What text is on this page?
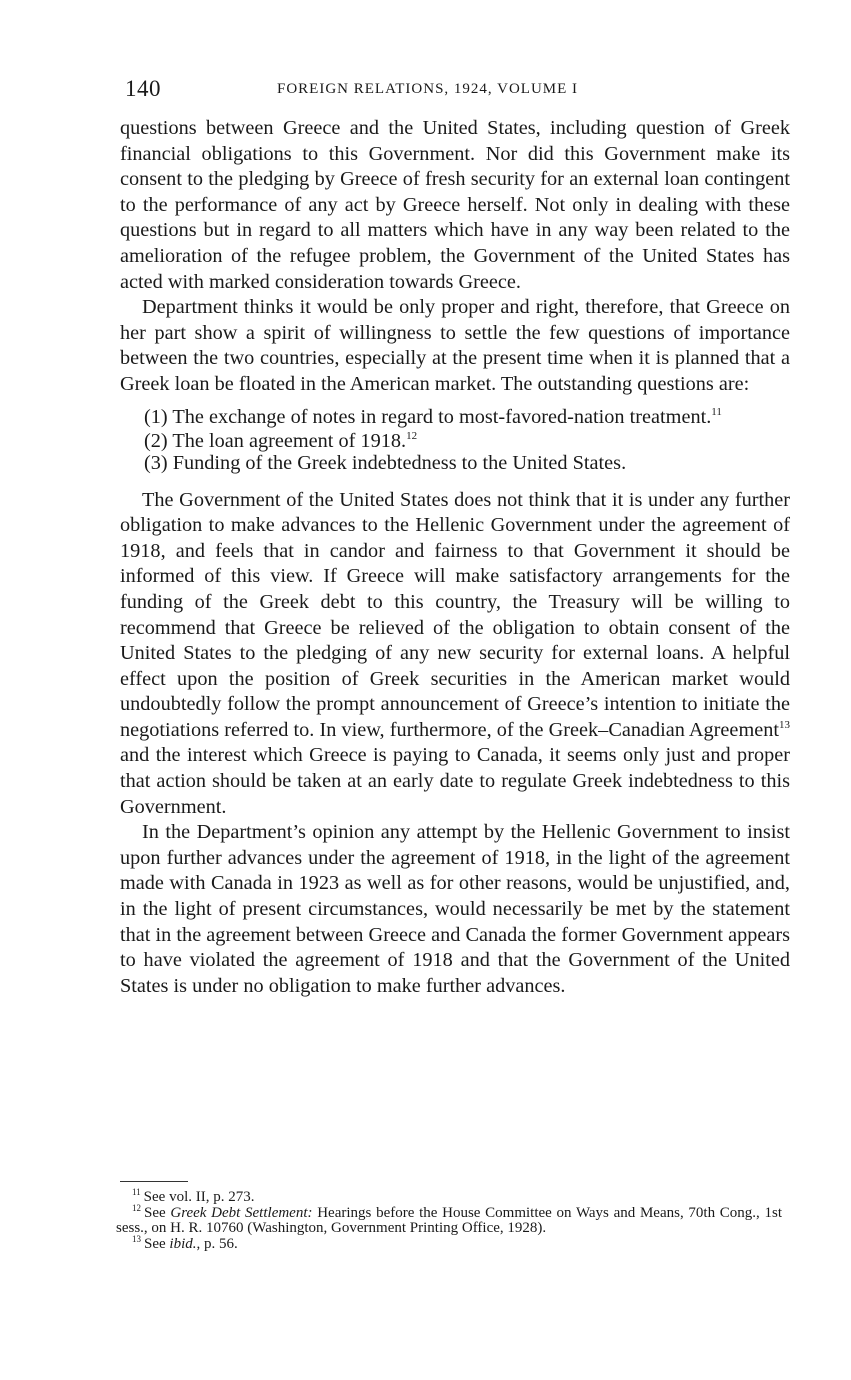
140	FOREIGN RELATIONS, 1924, VOLUME I

questions between Greece and the United States, including question of Greek financial obligations to this Government. Nor did this Government make its consent to the pledging by Greece of fresh security for an external loan contingent to the performance of any act by Greece herself. Not only in dealing with these questions but in regard to all matters which have in any way been related to the amelioration of the refugee problem, the Government of the United States has acted with marked consideration towards Greece.

Department thinks it would be only proper and right, therefore, that Greece on her part show a spirit of willingness to settle the few questions of importance between the two countries, especially at the present time when it is planned that a Greek loan be floated in the American market. The outstanding questions are:

(1) The exchange of notes in regard to most-favored-nation treatment.$^{11}$

(2) The loan agreement of 1918.12

(3) Funding of the Greek indebtedness to the United States.

The Government of the United States does not think that it is under any further obligation to make advances to the Hellenic Government under the agreement of 1918, and feels that in candor and fairness to that Government it should be informed of this view. If Greece will make satisfactory arrangements for the funding of the Greek debt to this country, the Treasury will be willing to recommend that Greece be relieved of the obligation to obtain consent of the United States to the pledging of any new security for external loans. A helpful effect upon the position of Greek securities in the American market would undoubtedly follow the prompt announcement of Greece’s intention to initiate the negotiations referred to. In view, furthermore, of the Greek–Canadian Agreement$^{13}$ and the interest which Greece is paying to Canada, it seems only just and proper that action should be taken at an early date to regulate Greek indebtedness to this Government.

In the Department’s opinion any attempt by the Hellenic Government to insist upon further advances under the agreement of 1918, in the light of the agreement made with Canada in 1923 as well as for other reasons, would be unjustified, and, in the light of present circumstances, would necessarily be met by the statement that in the agreement between Greece and Canada the former Government appears to have violated the agreement of 1918 and that the Government of the United States is under no obligation to make further advances.

$^{11}$ See vol. II, p. 273.

$^{12}$ See Greek Debt Settlement: Hearings before the House Committee on Ways and Means, 70th Cong., 1st sess., on H. R. 10760 (Washington, Government Printing Office, 1928).

$^{13}$ See ibid., p. 56.
